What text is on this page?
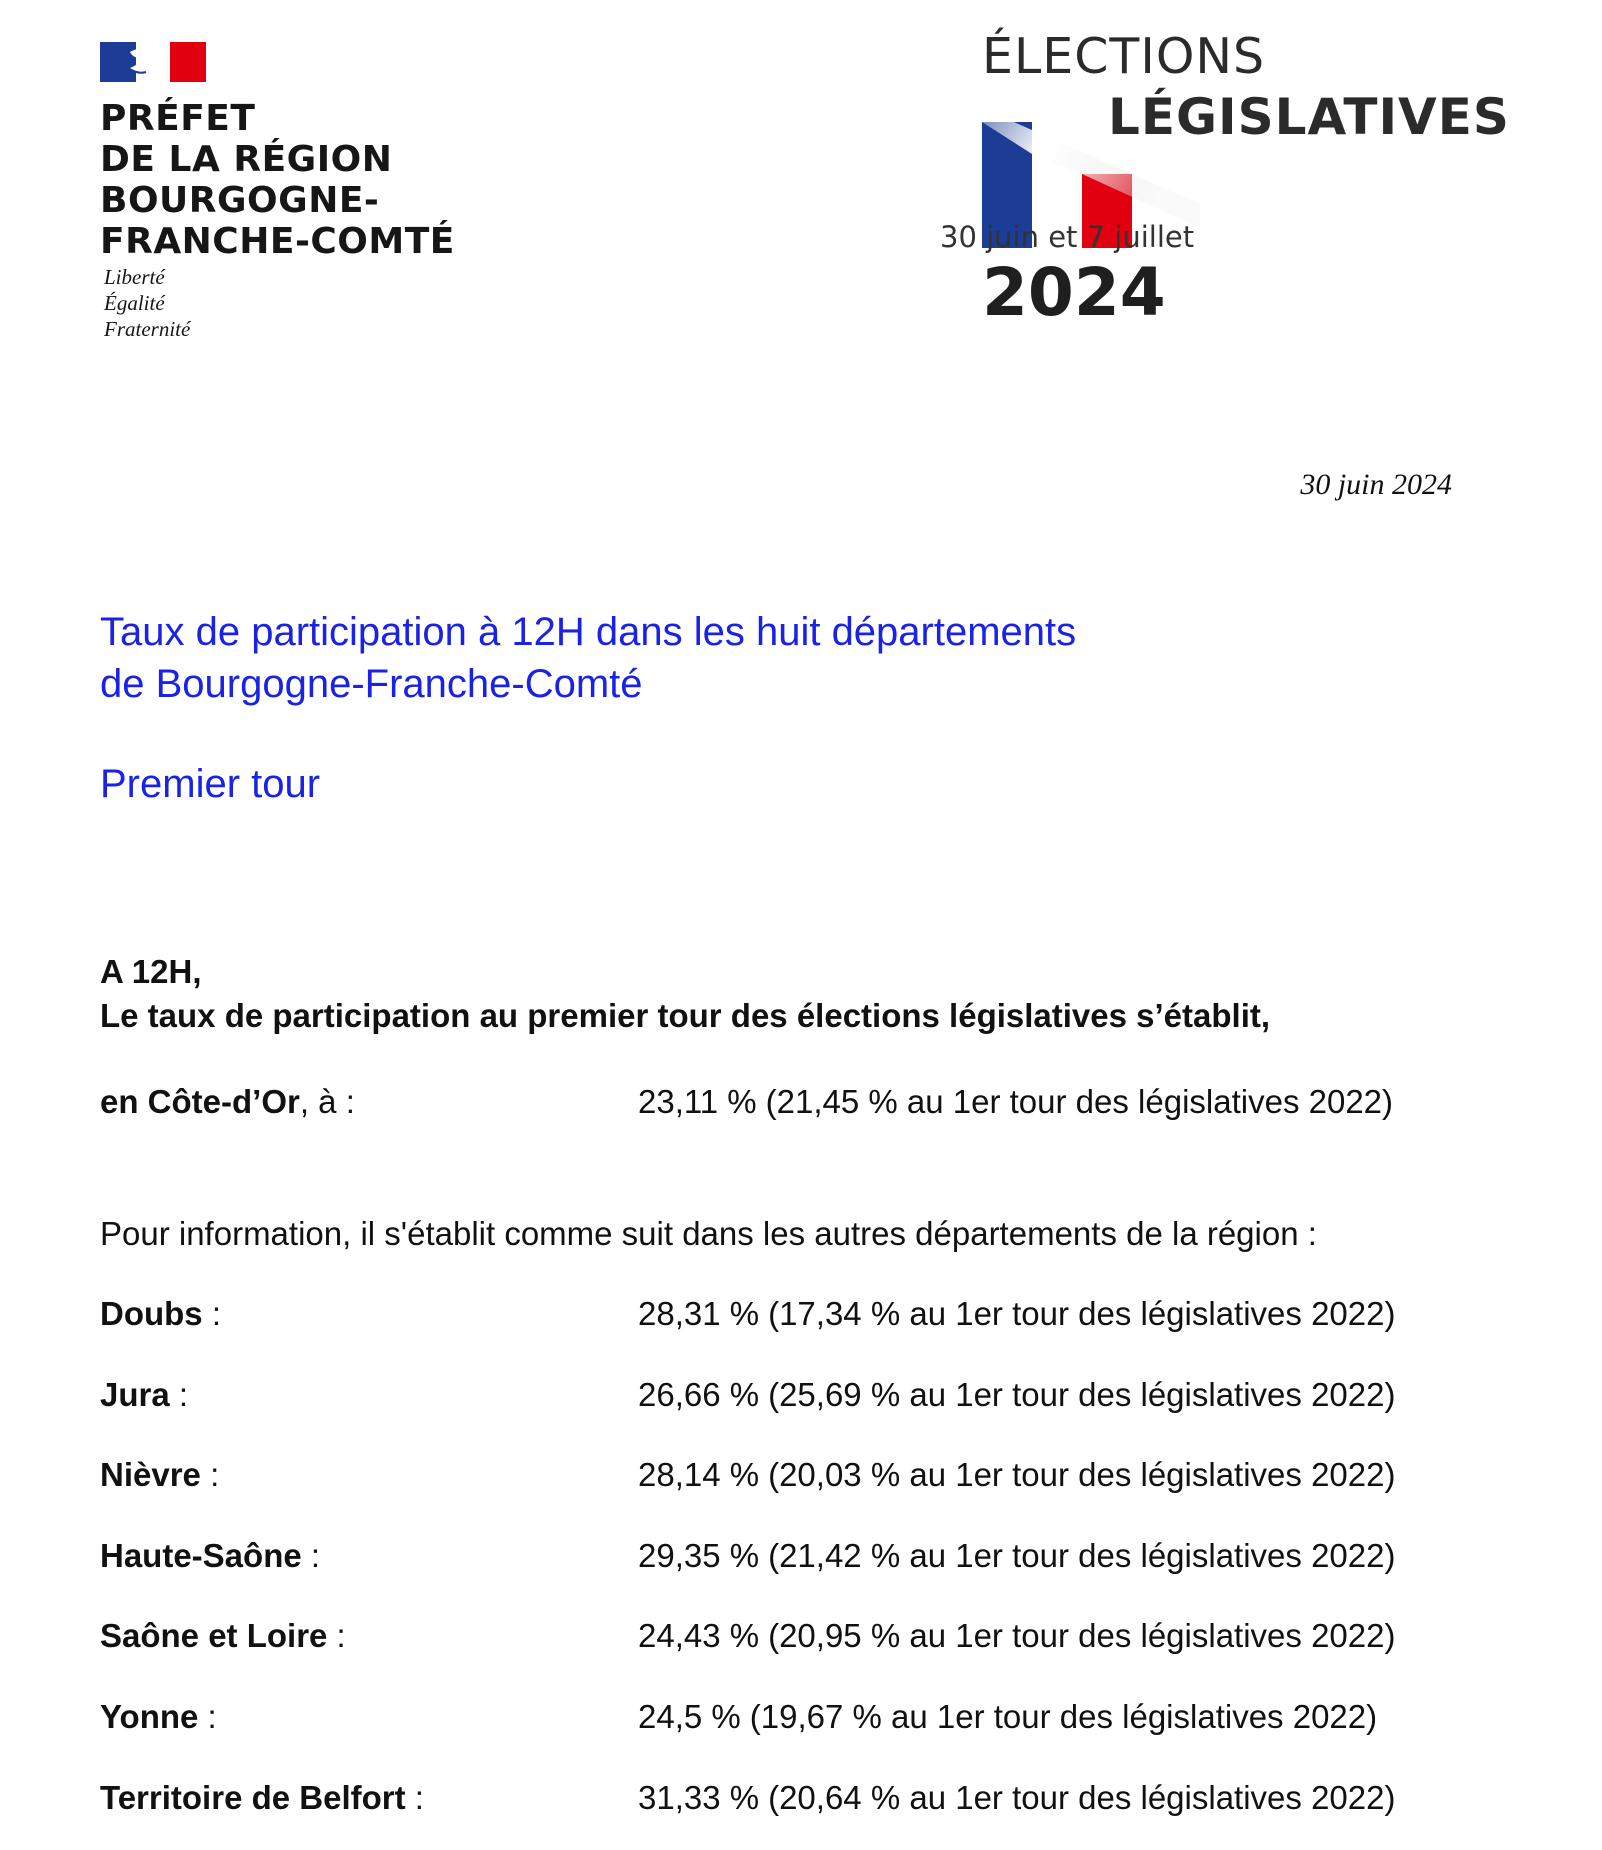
PRÉFET
DE LA RÉGION
BOURGOGNE-
FRANCHE-COMTÉ

Liberté
Égalité
Fraternité
ÉLECTIONS
LÉGISLATIVES
30 juin et 7 juillet
2024
30 juin 2024
Taux de participation à 12H dans les huit départements
de Bourgogne-Franche-Comté
Premier tour

A 12H,
Le taux de participation au premier tour des élections législatives s’établit,

en Côte-d’Or, à :	23,11 % (21,45 % au 1er tour des législatives 2022)

Pour information, il s'établit comme suit dans les autres départements de la région :

Doubs :	28,31 % (17,34 % au 1er tour des législatives 2022)
Jura :	26,66 % (25,69 % au 1er tour des législatives 2022)
Nièvre :	28,14 % (20,03 % au 1er tour des législatives 2022)
Haute-Saône :	29,35 % (21,42 % au 1er tour des législatives 2022)
Saône et Loire :	24,43 % (20,95 % au 1er tour des législatives 2022)
Yonne :	24,5 % (19,67 % au 1er tour des législatives 2022)
Territoire de Belfort :	31,33 % (20,64 % au 1er tour des législatives 2022)
